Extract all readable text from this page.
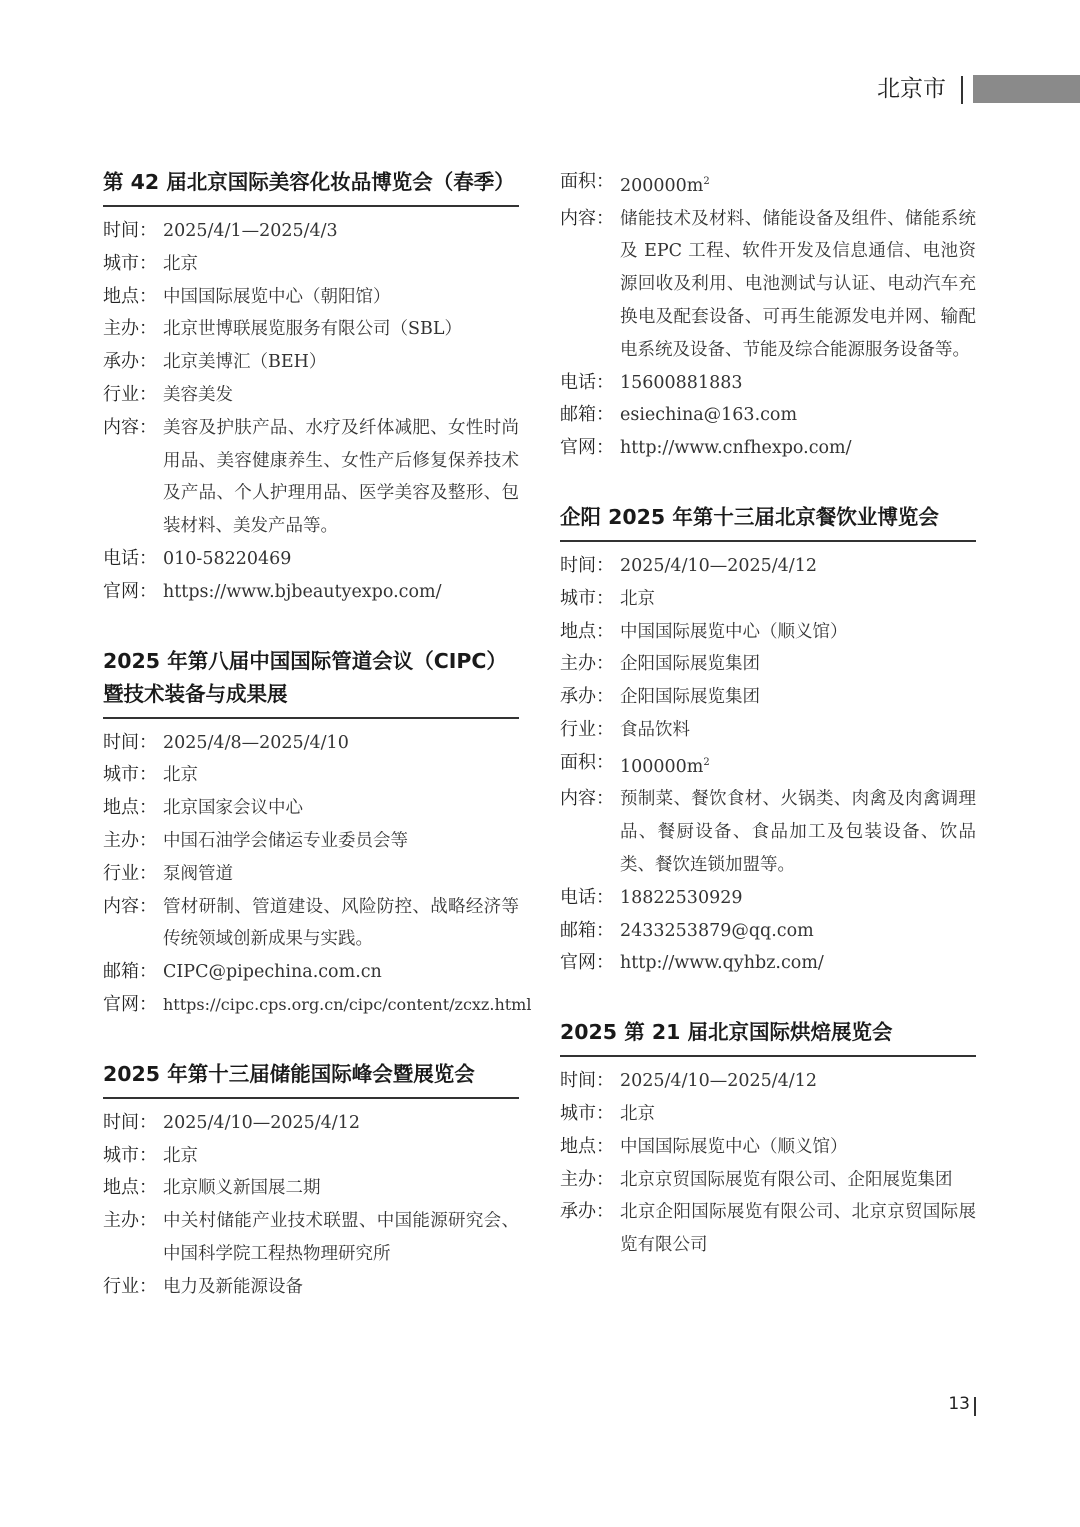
北京市
第 42 届北京国际美容化妆品博览会（春季）
时间： 2025/4/1—2025/4/3
城市： 北京
地点： 中国国际展览中心（朝阳馆）
主办： 北京世博联展览服务有限公司（SBL）
承办： 北京美博汇（BEH）
行业： 美容美发
内容： 美容及护肤产品、水疗及纤体减肥、女性时尚用品、美容健康养生、女性产后修复保养技术及产品、个人护理用品、医学美容及整形、包装材料、美发产品等。
电话： 010-58220469
官网： https://www.bjbeautyexpo.com/
2025 年第八届中国国际管道会议（CIPC）暨技术装备与成果展
时间： 2025/4/8—2025/4/10
城市： 北京
地点： 北京国家会议中心
主办： 中国石油学会储运专业委员会等
行业： 泵阀管道
内容： 管材研制、管道建设、风险防控、战略经济等传统领域创新成果与实践。
邮箱： CIPC@pipechina.com.cn
官网： https://cipc.cps.org.cn/cipc/content/zcxz.html
2025 年第十三届储能国际峰会暨展览会
时间： 2025/4/10—2025/4/12
城市： 北京
地点： 北京顺义新国展二期
主办： 中关村储能产业技术联盟、中国能源研究会、中国科学院工程热物理研究所
行业： 电力及新能源设备
面积： $200000m^2$
内容： 储能技术及材料、储能设备及组件、储能系统及 EPC 工程、软件开发及信息通信、电池资源回收及利用、电池测试与认证、电动汽车充换电及配套设备、可再生能源发电并网、输配电系统及设备、节能及综合能源服务设备等。
电话： 15600881883
邮箱： esiechina@163.com
官网： http://www.cnfhexpo.com/
企阳 2025 年第十三届北京餐饮业博览会
时间： 2025/4/10—2025/4/12
城市： 北京
地点： 中国国际展览中心（顺义馆）
主办： 企阳国际展览集团
承办： 企阳国际展览集团
行业： 食品饮料
面积： $100000m^2$
内容： 预制菜、餐饮食材、火锅类、肉禽及肉禽调理品、餐厨设备、食品加工及包装设备、饮品类、餐饮连锁加盟等。
电话： 18822530929
邮箱： 2433253879@qq.com
官网： http://www.qyhbz.com/
2025 第 21 届北京国际烘焙展览会
时间： 2025/4/10—2025/4/12
城市： 北京
地点： 中国国际展览中心（顺义馆）
主办： 北京京贸国际展览有限公司、企阳展览集团
承办： 北京企阳国际展览有限公司、北京京贸国际展览有限公司
13
